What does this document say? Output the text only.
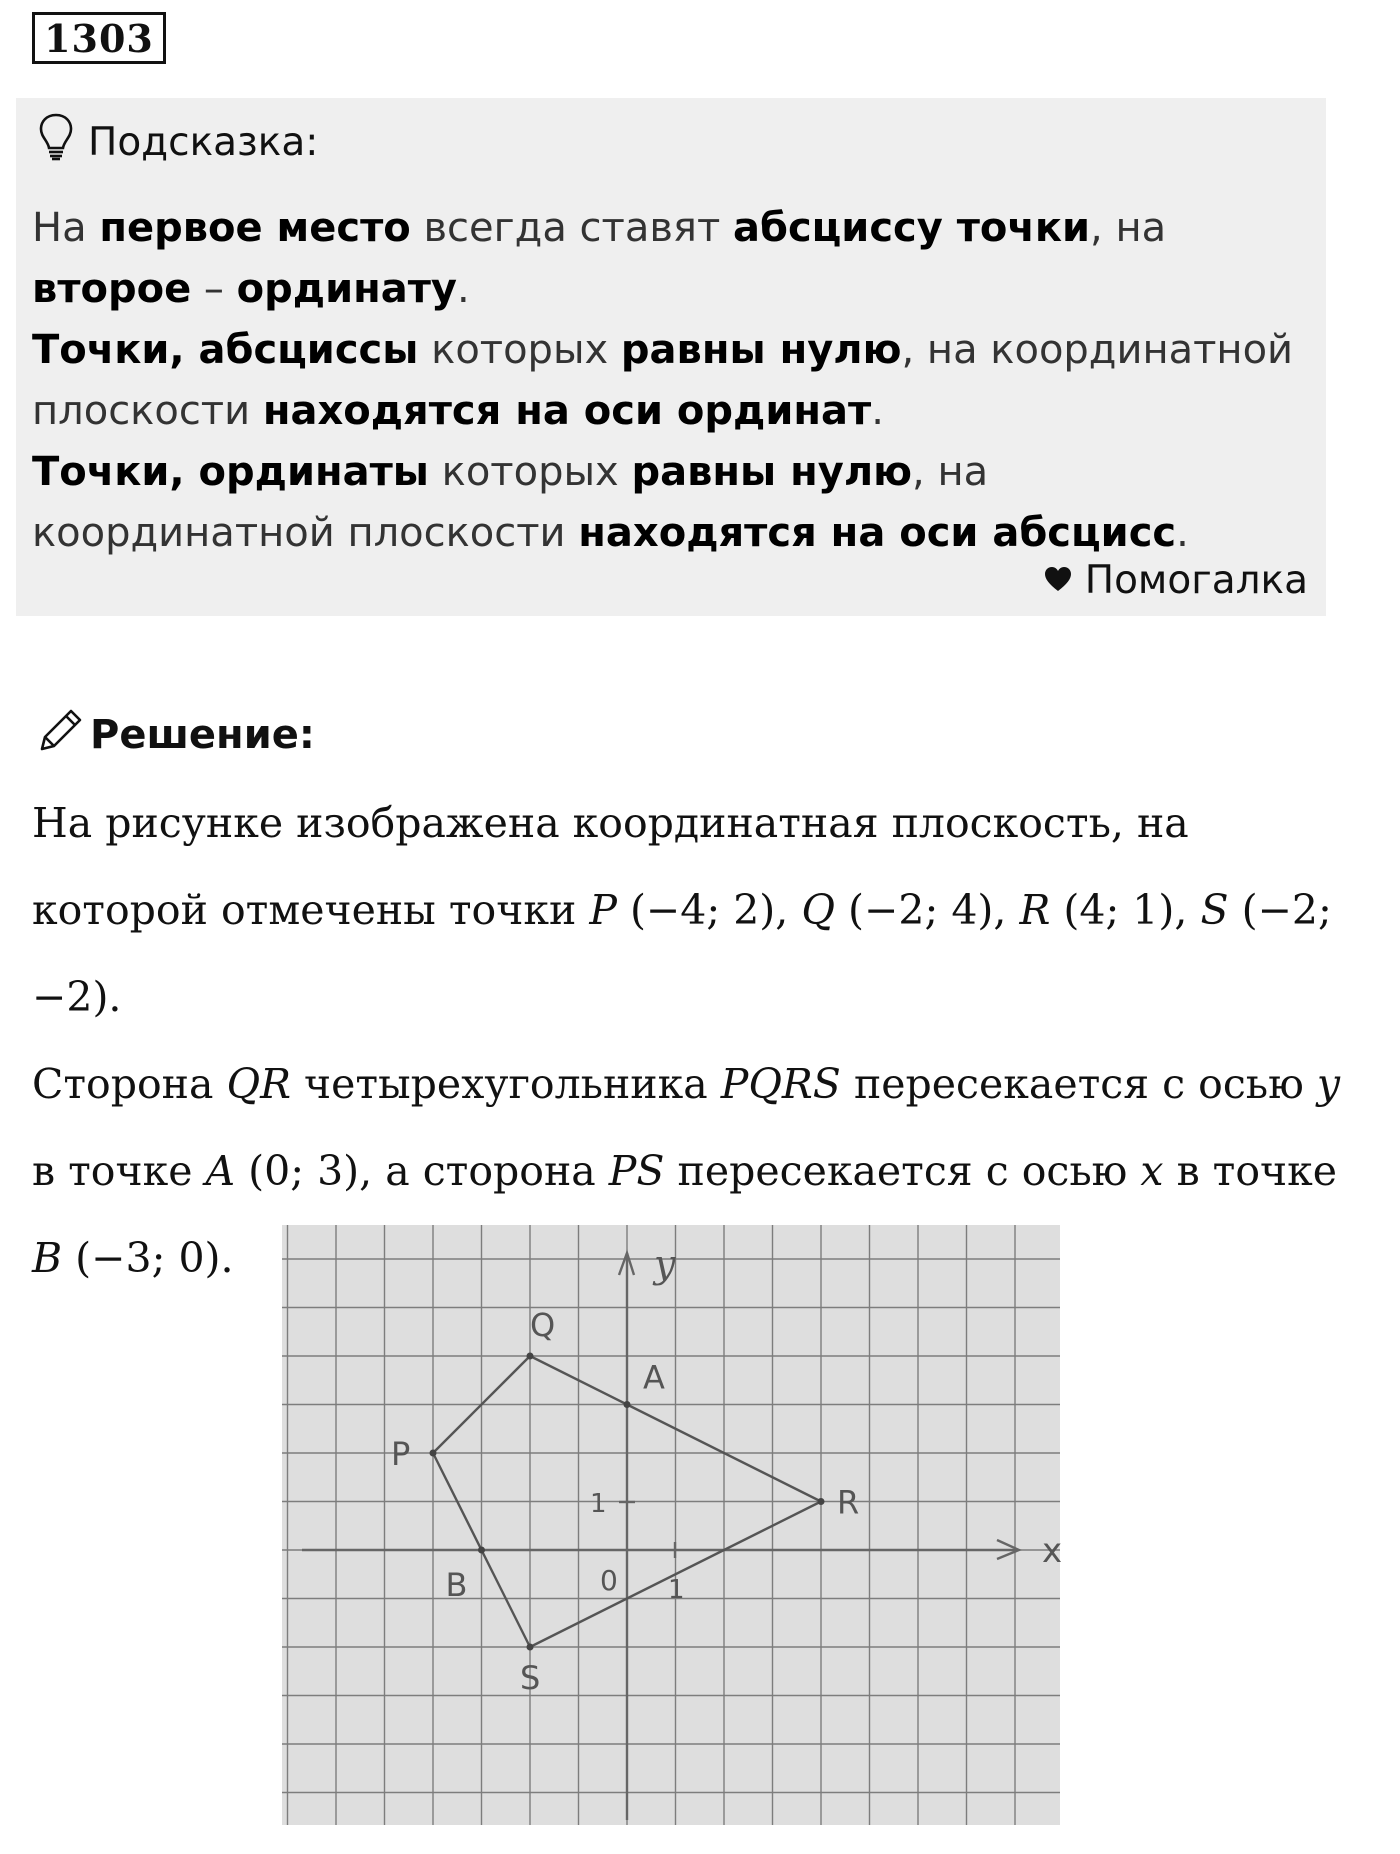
1303
Подсказка:
На первое место всегда ставят абсциссу точки, на второе – ординату.
Точки, абсциссы которых равны нулю, на координатной плоскости находятся на оси ординат.
Точки, ординаты которых равны нулю, на координатной плоскости находятся на оси абсцисс.
Помогалка
Решение:
На рисунке изображена координатная плоскость, на которой отмечены точки P (−4; 2), Q (−2; 4), R (4; 1), S (−2; −2).
Сторона QR четырехугольника PQRS пересекается с осью y в точке A (0; 3), а сторона PS пересекается с осью x в точке B (−3; 0).
x
y
0 1
1
P
Q
R
S
A
B
